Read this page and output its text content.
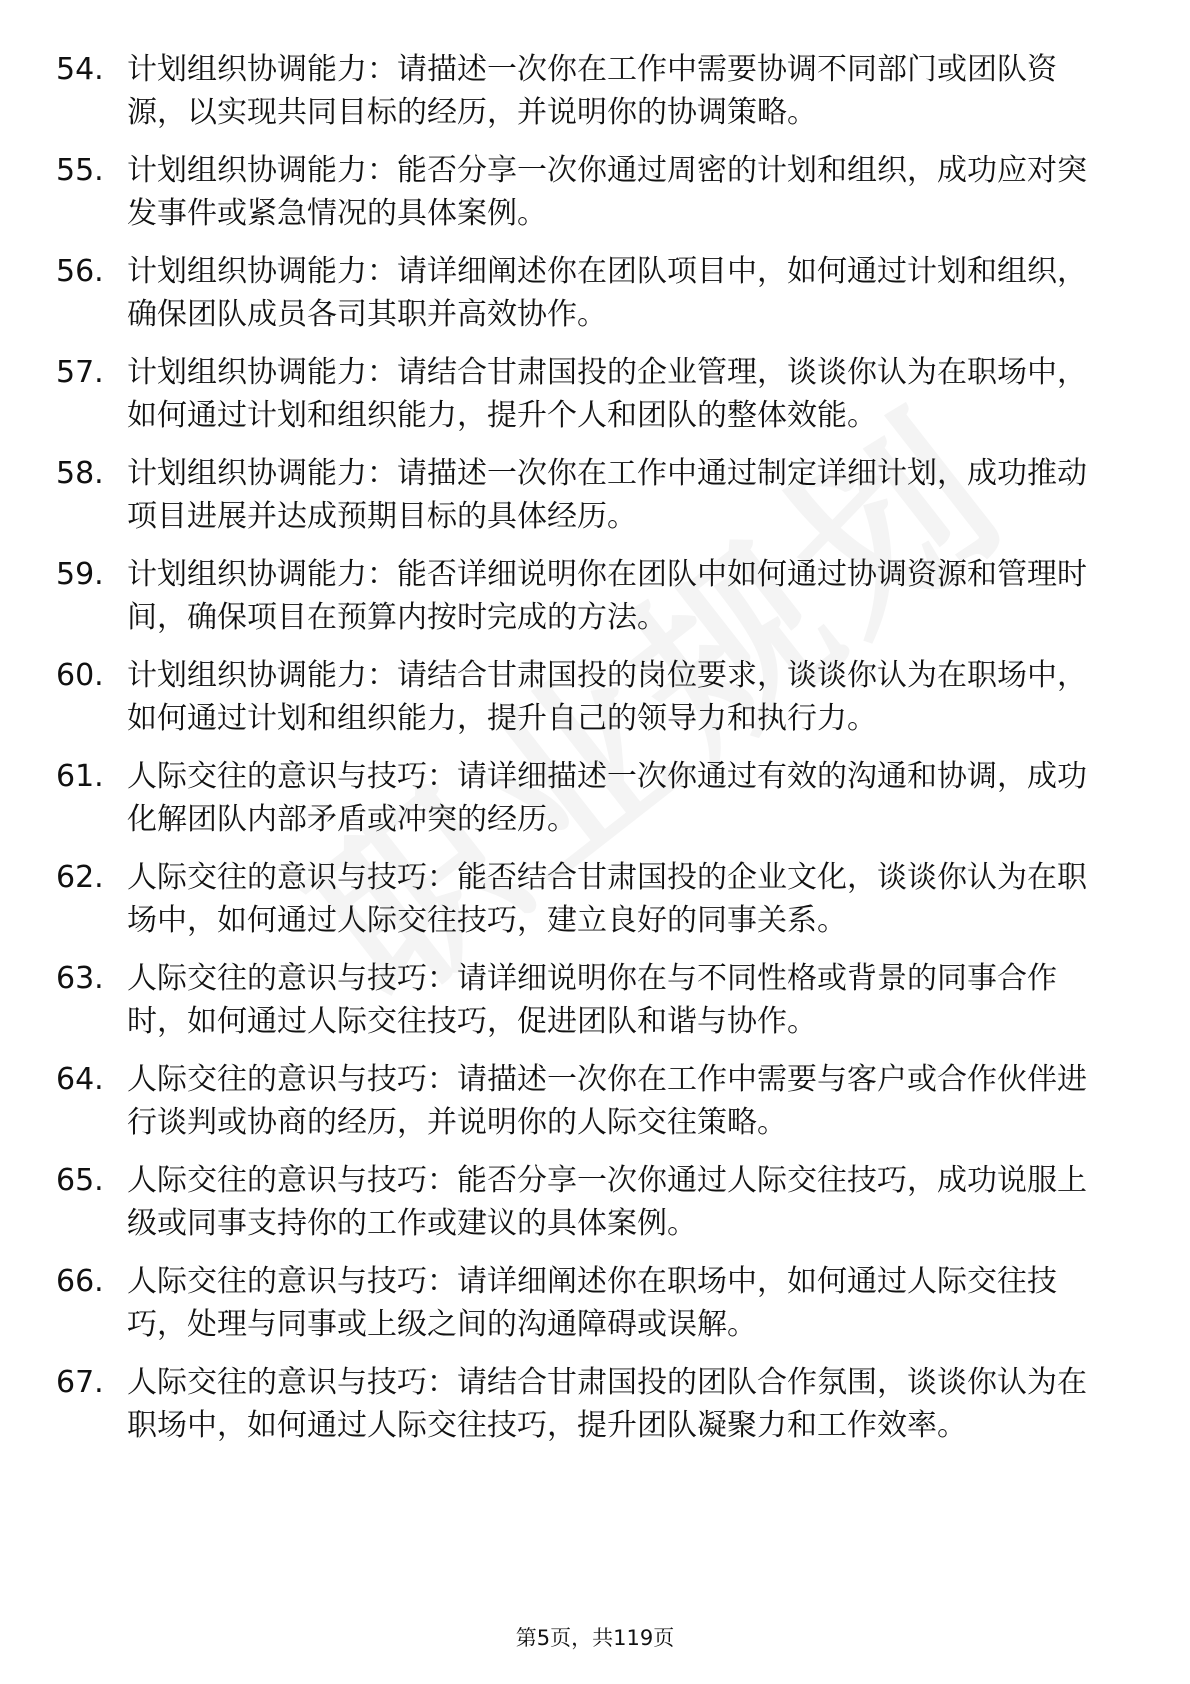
54. 计划组织协调能力：请描述一次你在工作中需要协调不同部门或团队资源，以实现共同目标的经历，并说明你的协调策略。
55. 计划组织协调能力：能否分享一次你通过周密的计划和组织，成功应对突发事件或紧急情况的具体案例。
56. 计划组织协调能力：请详细阐述你在团队项目中，如何通过计划和组织，确保团队成员各司其职并高效协作。
57. 计划组织协调能力：请结合甘肃国投的企业管理，谈谈你认为在职场中，如何通过计划和组织能力，提升个人和团队的整体效能。
58. 计划组织协调能力：请描述一次你在工作中通过制定详细计划，成功推动项目进展并达成预期目标的具体经历。
59. 计划组织协调能力：能否详细说明你在团队中如何通过协调资源和管理时间，确保项目在预算内按时完成的方法。
60. 计划组织协调能力：请结合甘肃国投的岗位要求，谈谈你认为在职场中，如何通过计划和组织能力，提升自己的领导力和执行力。
61. 人际交往的意识与技巧：请详细描述一次你通过有效的沟通和协调，成功化解团队内部矛盾或冲突的经历。
62. 人际交往的意识与技巧：能否结合甘肃国投的企业文化，谈谈你认为在职场中，如何通过人际交往技巧，建立良好的同事关系。
63. 人际交往的意识与技巧：请详细说明你在与不同性格或背景的同事合作时，如何通过人际交往技巧，促进团队和谐与协作。
64. 人际交往的意识与技巧：请描述一次你在工作中需要与客户或合作伙伴进行谈判或协商的经历，并说明你的人际交往策略。
65. 人际交往的意识与技巧：能否分享一次你通过人际交往技巧，成功说服上级或同事支持你的工作或建议的具体案例。
66. 人际交往的意识与技巧：请详细阐述你在职场中，如何通过人际交往技巧，处理与同事或上级之间的沟通障碍或误解。
67. 人际交往的意识与技巧：请结合甘肃国投的团队合作氛围，谈谈你认为在职场中，如何通过人际交往技巧，提升团队凝聚力和工作效率。
第5页，共119页
